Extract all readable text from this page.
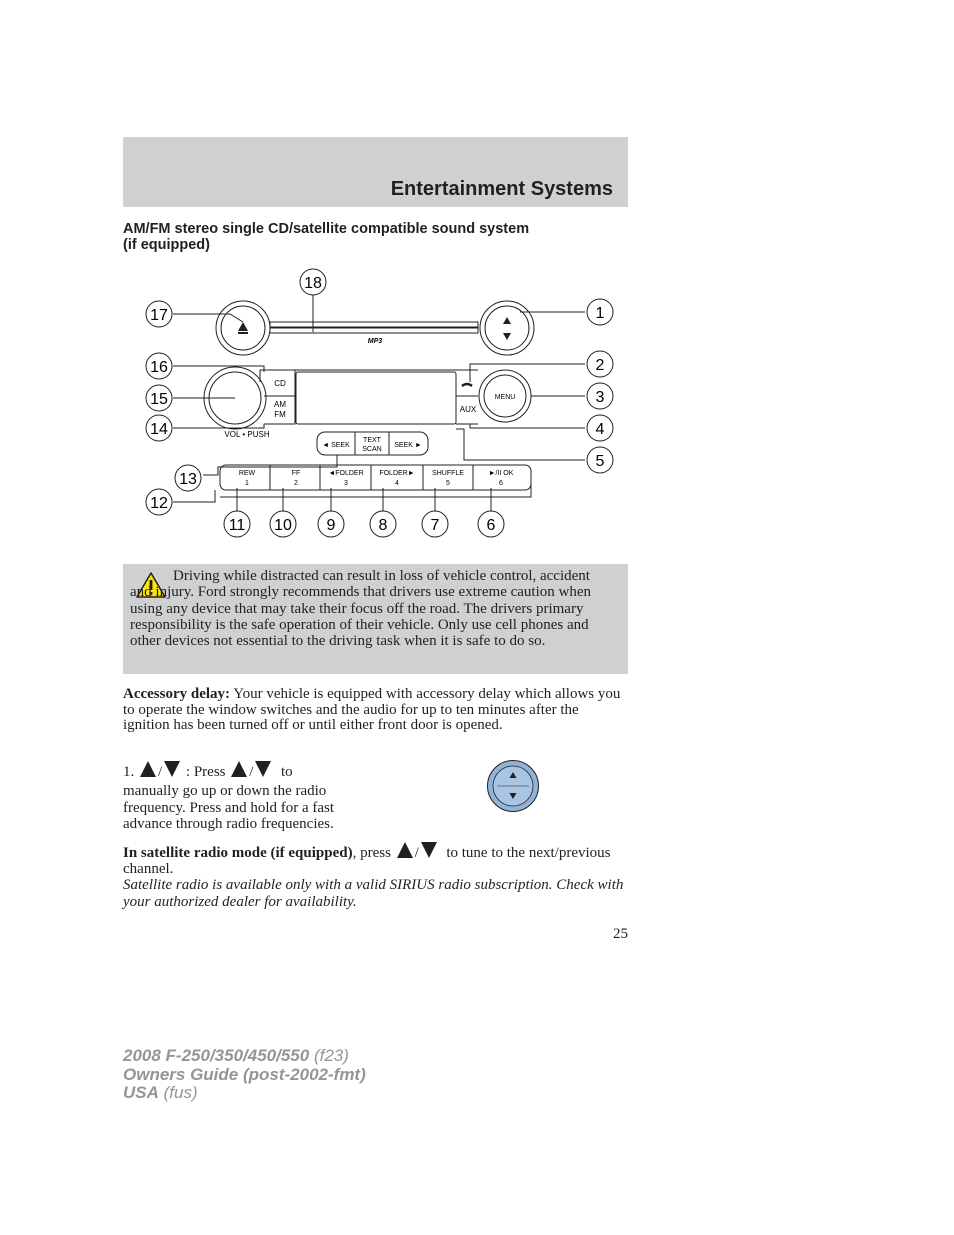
Entertainment Systems
AM/FM stereo single CD/satellite compatible sound system
(if equipped)
MP3
CD
AM
FM
VOL • PUSH
MENU
AUX
◄ SEEK
TEXT
SCAN
SEEK ►
REW
1
FF
2
◄FOLDER
3
FOLDER►
4
SHUFFLE
5
►/II OK
6
18
17	1
16	2
15	3
14	4
5
13
12
11 10 9	8	7	6

Driving while distracted can result in loss of vehicle control, accident and injury. Ford strongly recommends that drivers use extreme caution when using any device that may take their focus off the road. The drivers primary responsibility is the safe operation of their vehicle. Only use cell phones and other devices not essential to the driving task when it is safe to do so.

Accessory delay: Your vehicle is equipped with accessory delay which allows you to operate the window switches and the audio for up to ten minutes after the ignition has been turned off or until either front door is opened.

1. / : Press / to

manually go up or down the radio frequency. Press and hold for a fast advance through radio frequencies.

In satellite radio mode (if equipped), press / to tune to the next/previous channel.

Satellite radio is available only with a valid SIRIUS radio subscription. Check with your authorized dealer for availability.

25

2008 F-250/350/450/550 (f23)
Owners Guide (post-2002-fmt)
USA (fus)
